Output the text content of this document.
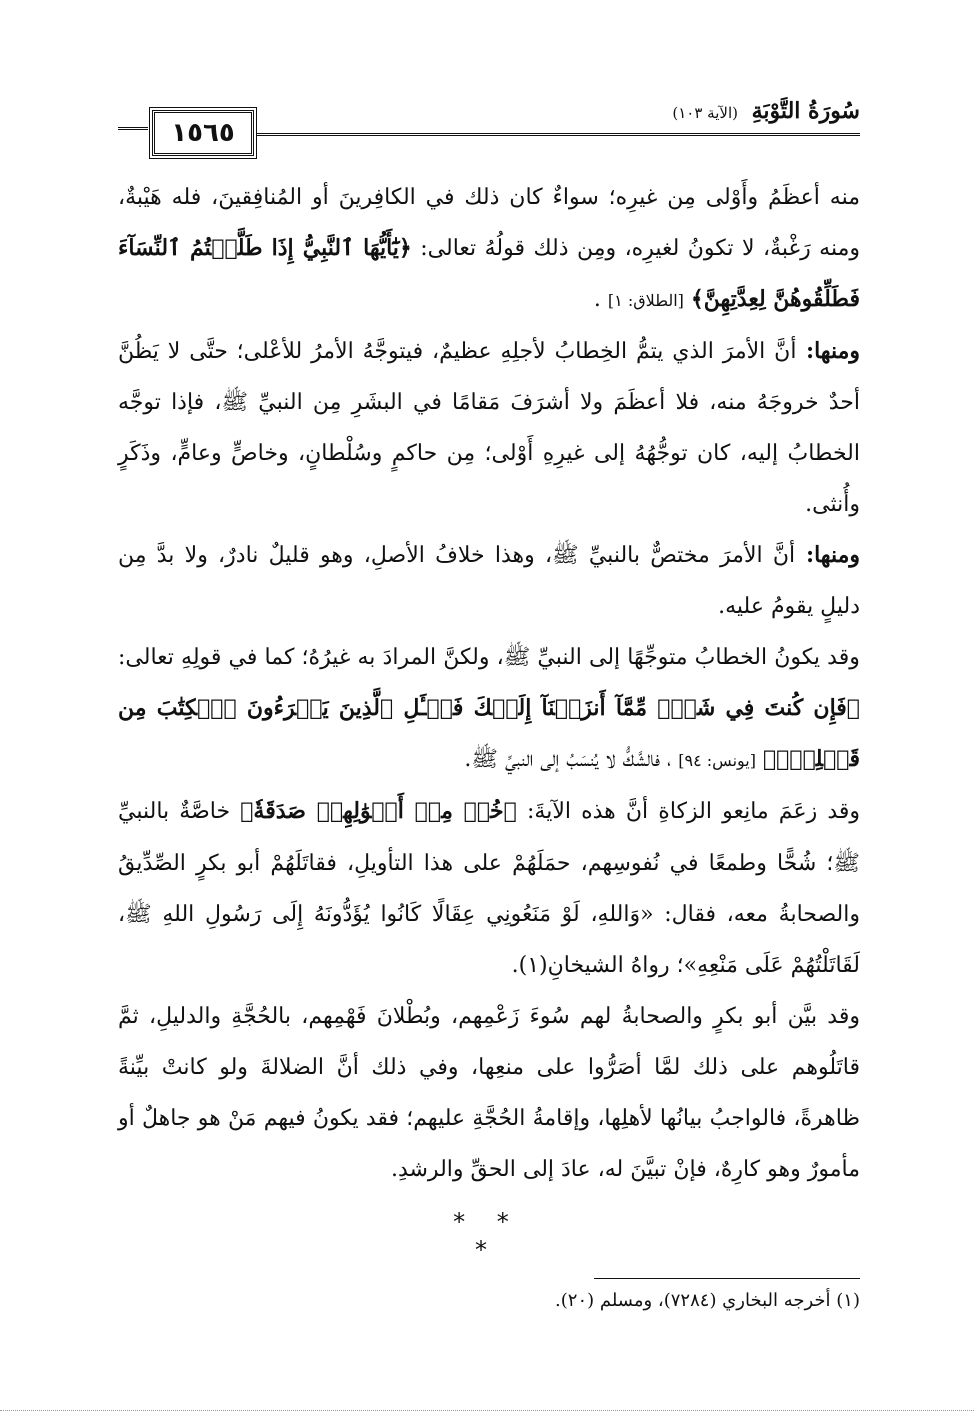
١٥٦٥
سُورَةُ التَّوْبَةِ (الآية ١٠٣)

منه أعظَمُ وأَوْلى مِن غيرِه؛ سواءٌ كان ذلك في الكافِرينَ أو المُنافِقينَ، فله هَيْبةٌ، ومنه رَغْبةٌ، لا تكونُ لغيرِه، ومِن ذلك قولُهُ تعالى: ﴿يَٰٓأَيُّهَا ٱلنَّبِيُّ إِذَا طَلَّقۡتُمُ ٱلنِّسَآءَ فَطَلِّقُوهُنَّ لِعِدَّتِهِنَّ﴾ [الطلاق: ١] .

ومنها: أنَّ الأمرَ الذي يتمُّ الخِطابُ لأجلِهِ عظيمٌ، فيتوجَّهُ الأمرُ للأعْلى؛ حتَّى لا يَظُنَّ أحدٌ خروجَهُ منه، فلا أعظَمَ ولا أشرَفَ مَقامًا في البشَرِ مِن النبيِّ ﷺ، فإذا توجَّه الخطابُ إليه، كان توجُّهُهُ إلى غيرِهِ أَوْلى؛ مِن حاكمٍ وسُلْطانٍ، وخاصٍّ وعامٍّ، وذَكَرٍ وأُنثى.

ومنها: أنَّ الأمرَ مختصٌّ بالنبيِّ ﷺ، وهذا خلافُ الأصلِ، وهو قليلٌ نادرٌ، ولا بدَّ مِن دليلٍ يقومُ عليه.

وقد يكونُ الخطابُ متوجِّهًا إلى النبيِّ ﷺ، ولكنَّ المرادَ به غيرُهُ؛ كما في قولِهِ تعالى: ﴿فَإِن كُنتَ فِي شَكّٖ مِّمَّآ أَنزَلۡنَآ إِلَيۡكَ فَسۡـَٔلِ ٱلَّذِينَ يَقۡرَءُونَ ٱلۡكِتَٰبَ مِن قَبۡلِكَۚ﴾ [يونس: ٩٤] ، فالشَّكُّ لا يُنسَبُ إلى النبيِّ ﷺ.

وقد زعَمَ مانِعو الزكاةِ أنَّ هذه الآيةَ: ﴿خُذۡ مِنۡ أَمۡوَٰلِهِمۡ صَدَقَةٗ﴾ خاصَّةٌ بالنبيِّ ﷺ؛ شُحًّا وطمعًا في نُفوسِهم، حمَلَهُمْ على هذا التأويلِ، فقاتَلَهُمْ أبو بكرٍ الصِّدِّيقُ والصحابةُ معه، فقال: «وَاللهِ، لَوْ مَنَعُونِي عِقَالًا كَانُوا يُؤَدُّونَهُ إِلَى رَسُولِ اللهِ ﷺ، لَقَاتَلْتُهُمْ عَلَى مَنْعِهِ»؛ رواهُ الشيخانِ(١).

وقد بيَّن أبو بكرٍ والصحابةُ لهم سُوءَ زَعْمِهم، وبُطْلانَ فَهْمِهم، بالحُجَّةِ والدليلِ، ثمَّ قاتَلُوهم على ذلك لمَّا أصَرُّوا على منعِها، وفي ذلك أنَّ الضلالةَ ولو كانتْ بيِّنةً ظاهرةً، فالواجبُ بيانُها لأهلِها، وإقامةُ الحُجَّةِ عليهم؛ فقد يكونُ فيهم مَنْ هو جاهلٌ أو مأمورٌ وهو كارِهٌ، فإنْ تبيَّنَ له، عادَ إلى الحقِّ والرشدِ.

* * *
(١) أخرجه البخاري (٧٢٨٤)، ومسلم (٢٠).
